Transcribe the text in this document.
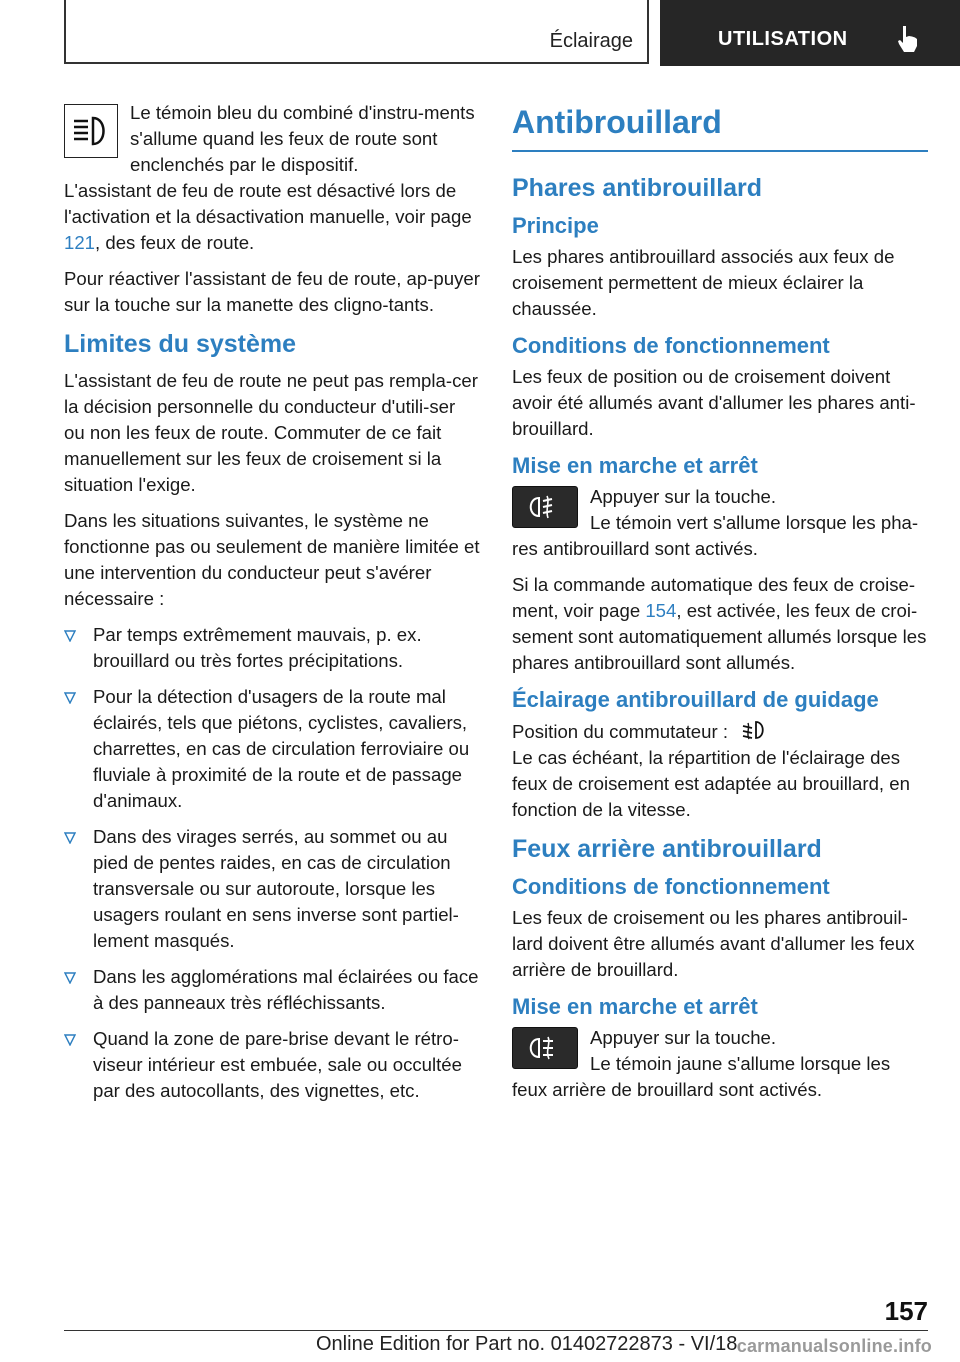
Éclairage	UTILISATION

Le témoin bleu du combiné d'instru-ments s'allume quand les feux de route sont enclenchés par le dispositif.

L'assistant de feu de route est désactivé lors de l'activation et la désactivation manuelle, voir page 121, des feux de route.

Pour réactiver l'assistant de feu de route, ap-puyer sur la touche sur la manette des cligno-tants.

Limites du système

L'assistant de feu de route ne peut pas rempla-cer la décision personnelle du conducteur d'utili-ser ou non les feux de route. Commuter de ce fait manuellement sur les feux de croisement si la situation l'exige.

Dans les situations suivantes, le système ne fonctionne pas ou seulement de manière limitée et une intervention du conducteur peut s'avérer nécessaire :

Par temps extrêmement mauvais, p. ex. brouillard ou très fortes précipitations.
Pour la détection d'usagers de la route mal éclairés, tels que piétons, cyclistes, cavaliers, charrettes, en cas de circulation ferroviaire ou fluviale à proximité de la route et de passage d'animaux.
Dans des virages serrés, au sommet ou au pied de pentes raides, en cas de circulation transversale ou sur autoroute, lorsque les usagers roulant en sens inverse sont partiel-lement masqués.
Dans les agglomérations mal éclairées ou face à des panneaux très réfléchissants.
Quand la zone de pare-brise devant le rétro-viseur intérieur est embuée, sale ou occultée par des autocollants, des vignettes, etc.
Antibrouillard
Phares antibrouillard
Principe

Les phares antibrouillard associés aux feux de croisement permettent de mieux éclairer la chaussée.

Conditions de fonctionnement

Les feux de position ou de croisement doivent avoir été allumés avant d'allumer les phares anti-brouillard.

Mise en marche et arrêt

Appuyer sur la touche.

Le témoin vert s'allume lorsque les pha-

res antibrouillard sont activés.

Si la commande automatique des feux de croise-ment, voir page 154, est activée, les feux de croi-sement sont automatiquement allumés lorsque les phares antibrouillard sont allumés.

Éclairage antibrouillard de guidage

Position du commutateur :

Le cas échéant, la répartition de l'éclairage des feux de croisement est adaptée au brouillard, en fonction de la vitesse.

Feux arrière antibrouillard
Conditions de fonctionnement

Les feux de croisement ou les phares antibrouil-lard doivent être allumés avant d'allumer les feux arrière de brouillard.

Mise en marche et arrêt

Appuyer sur la touche.

Le témoin jaune s'allume lorsque les

feux arrière de brouillard sont activés.

157
Online Edition for Part no. 01402722873 - VI/18 carmanualsonline.info
